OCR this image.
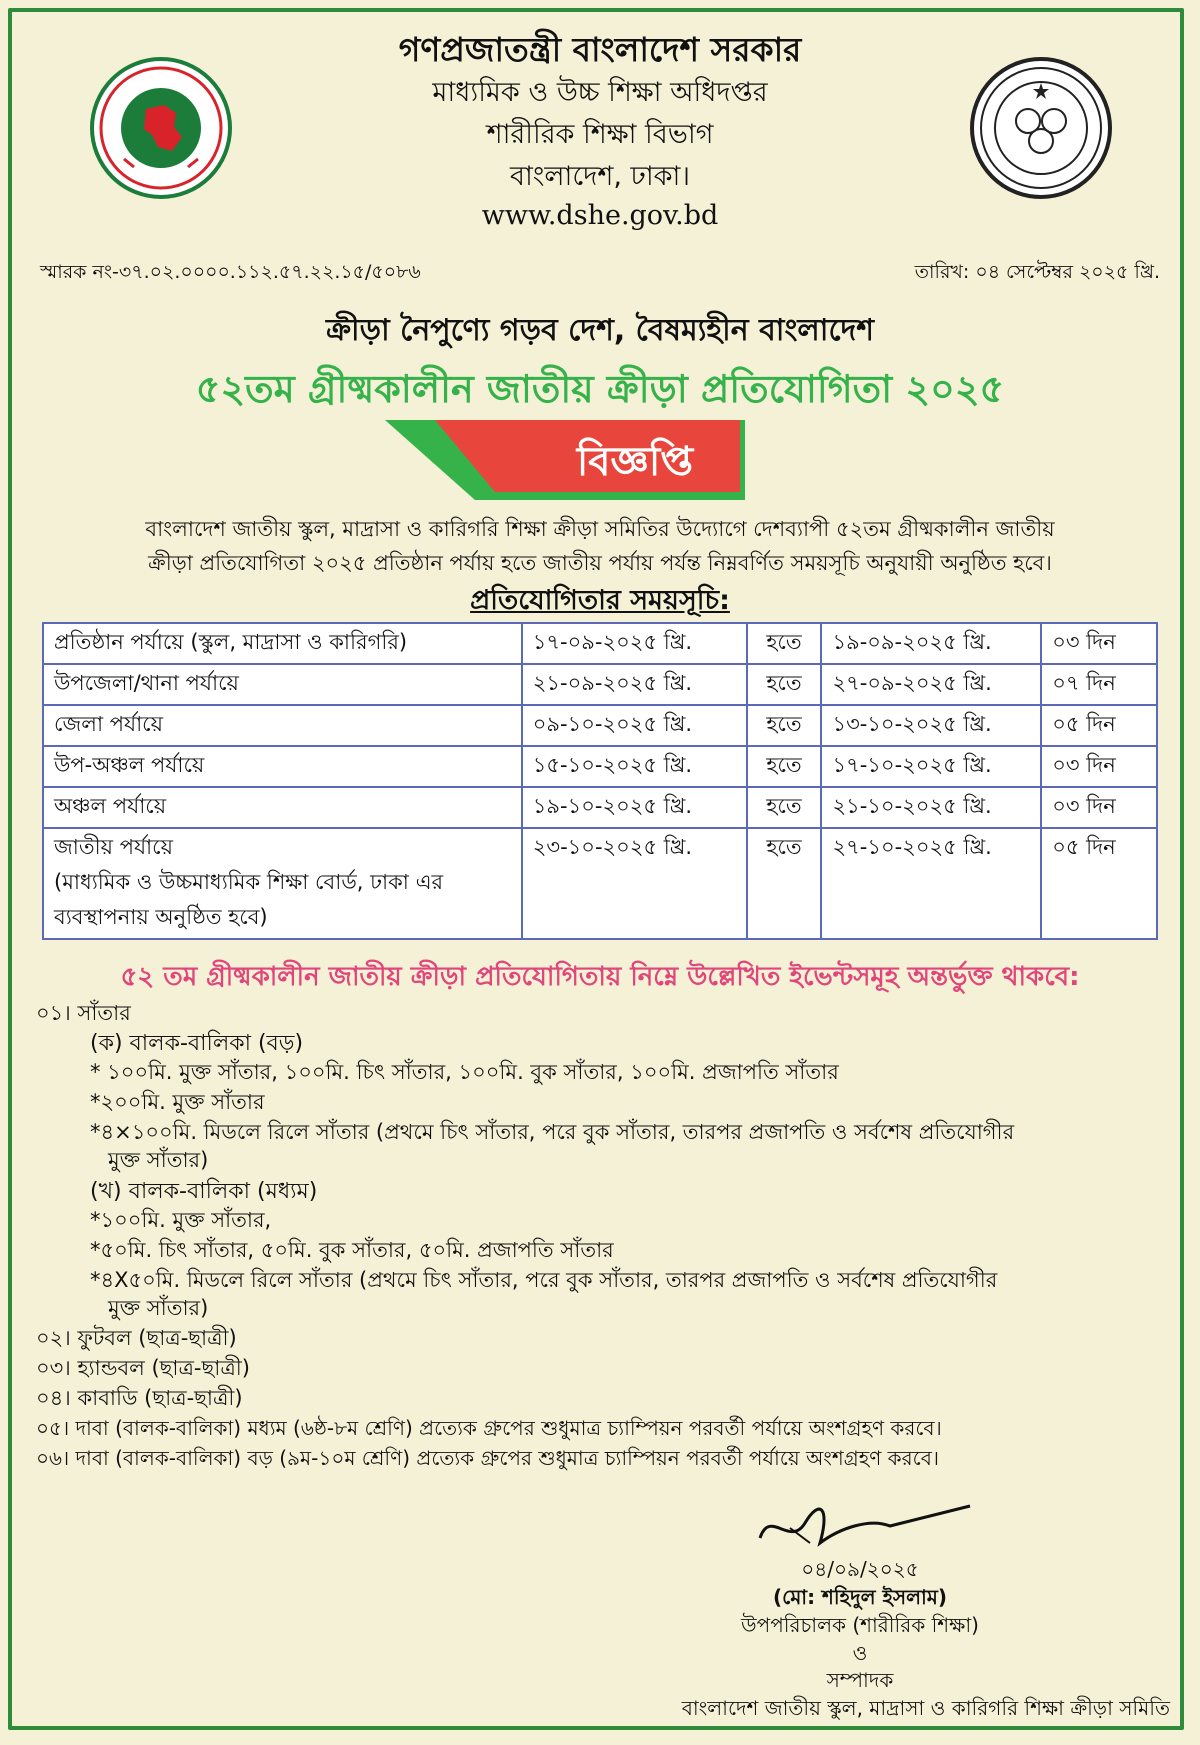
গণপ্রজাতন্ত্রী বাংলাদেশ সরকার
মাধ্যমিক ও উচ্চ শিক্ষা অধিদপ্তর
শারীরিক শিক্ষা বিভাগ
বাংলাদেশ, ঢাকা।
www.dshe.gov.bd
স্মারক নং-৩৭.০২.০০০০.১১২.৫৭.২২.১৫/৫০৮৬	তারিখ: ০৪ সেপ্টেম্বর ২০২৫ খ্রি.
ক্রীড়া নৈপুণ্যে গড়ব দেশ, বৈষম্যহীন বাংলাদেশ
৫২তম গ্রীষ্মকালীন জাতীয় ক্রীড়া প্রতিযোগিতা ২০২৫
বিজ্ঞপ্তি
বাংলাদেশ জাতীয় স্কুল, মাদ্রাসা ও কারিগরি শিক্ষা ক্রীড়া সমিতির উদ্যোগে দেশব্যাপী ৫২তম গ্রীষ্মকালীন জাতীয়
ক্রীড়া প্রতিযোগিতা ২০২৫ প্রতিষ্ঠান পর্যায় হতে জাতীয় পর্যায় পর্যন্ত নিম্নবর্ণিত সময়সূচি অনুযায়ী অনুষ্ঠিত হবে।
প্রতিযোগিতার সময়সূচি:
প্রতিষ্ঠান পর্যায়ে (স্কুল, মাদ্রাসা ও কারিগরি)	১৭-০৯-২০২৫ খ্রি.	হতে	১৯-০৯-২০২৫ খ্রি.	০৩ দিন

উপজেলা/থানা পর্যায়ে	২১-০৯-২০২৫ খ্রি.	হতে	২৭-০৯-২০২৫ খ্রি.	০৭ দিন

জেলা পর্যায়ে	০৯-১০-২০২৫ খ্রি.	হতে	১৩-১০-২০২৫ খ্রি.	০৫ দিন

উপ-অঞ্চল পর্যায়ে	১৫-১০-২০২৫ খ্রি.	হতে	১৭-১০-২০২৫ খ্রি.	০৩ দিন

অঞ্চল পর্যায়ে	১৯-১০-২০২৫ খ্রি.	হতে	২১-১০-২০২৫ খ্রি.	০৩ দিন

জাতীয় পর্যায়ে
(মাধ্যমিক ও উচ্চমাধ্যমিক শিক্ষা বোর্ড, ঢাকা এর
ব্যবস্থাপনায় অনুষ্ঠিত হবে)	২৩-১০-২০২৫ খ্রি.	হতে	২৭-১০-২০২৫ খ্রি.	০৫ দিন
৫২ তম গ্রীষ্মকালীন জাতীয় ক্রীড়া প্রতিযোগিতায় নিম্নে উল্লেখিত ইভেন্টসমূহ অন্তর্ভুক্ত থাকবে:
০১। সাঁতার
(ক) বালক-বালিকা (বড়)
* ১০০মি. মুক্ত সাঁতার, ১০০মি. চিৎ সাঁতার, ১০০মি. বুক সাঁতার, ১০০মি. প্রজাপতি সাঁতার
*২০০মি. মুক্ত সাঁতার
*৪×১০০মি. মিডলে রিলে সাঁতার (প্রথমে চিৎ সাঁতার, পরে বুক সাঁতার, তারপর প্রজাপতি ও সর্বশেষ প্রতিযোগীর
মুক্ত সাঁতার)
(খ) বালক-বালিকা (মধ্যম)
*১০০মি. মুক্ত সাঁতার,
*৫০মি. চিৎ সাঁতার, ৫০মি. বুক সাঁতার, ৫০মি. প্রজাপতি সাঁতার
*৪X৫০মি. মিডলে রিলে সাঁতার (প্রথমে চিৎ সাঁতার, পরে বুক সাঁতার, তারপর প্রজাপতি ও সর্বশেষ প্রতিযোগীর
মুক্ত সাঁতার)
০২। ফুটবল (ছাত্র-ছাত্রী)
০৩। হ্যান্ডবল (ছাত্র-ছাত্রী)
০৪। কাবাডি (ছাত্র-ছাত্রী)
০৫। দাবা (বালক-বালিকা) মধ্যম (৬ষ্ঠ-৮ম শ্রেণি) প্রত্যেক গ্রুপের শুধুমাত্র চ্যাম্পিয়ন পরবর্তী পর্যায়ে অংশগ্রহণ করবে।
০৬। দাবা (বালক-বালিকা) বড় (৯ম-১০ম শ্রেণি) প্রত্যেক গ্রুপের শুধুমাত্র চ্যাম্পিয়ন পরবর্তী পর্যায়ে অংশগ্রহণ করবে।
০৪/০৯/২০২৫
(মো: শহিদুল ইসলাম)
উপপরিচালক (শারীরিক শিক্ষা)
ও
সম্পাদক
বাংলাদেশ জাতীয় স্কুল, মাদ্রাসা ও কারিগরি শিক্ষা ক্রীড়া সমিতি
